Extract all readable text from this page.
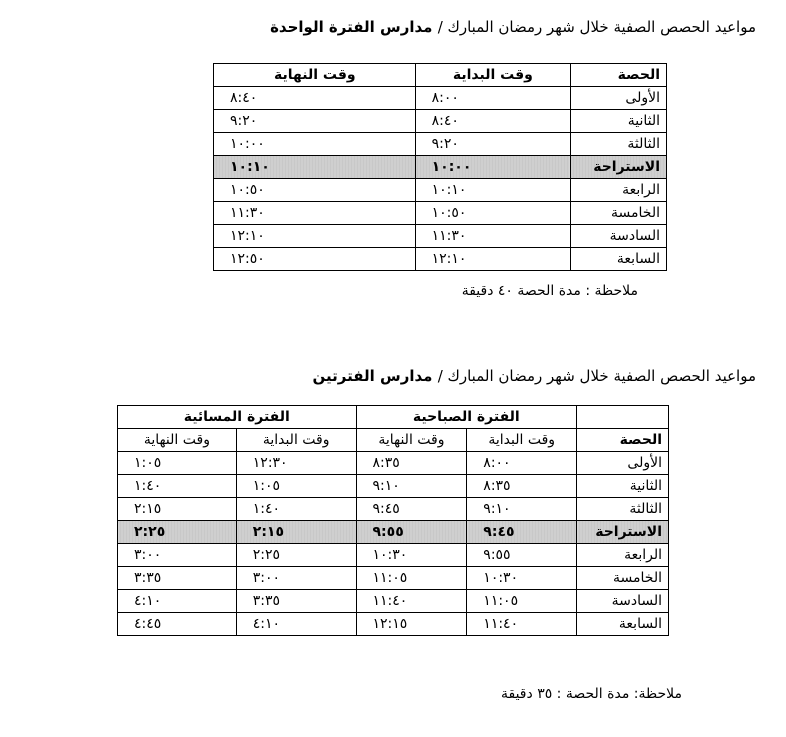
مواعيد الحصص الصفية خلال شهر رمضان المبارك / مدارس الفترة الواحدة
الحصة	وقت البداية	وقت النهاية
الأولى	٨:٠٠	٨:٤٠
الثانية	٨:٤٠	٩:٢٠
الثالثة	٩:٢٠	١٠:٠٠
الاستراحة	١٠:٠٠	١٠:١٠
الرابعة	١٠:١٠	١٠:٥٠
الخامسة	١٠:٥٠	١١:٣٠
السادسة	١١:٣٠	١٢:١٠
السابعة	١٢:١٠	١٢:٥٠
ملاحظة : مدة الحصة ٤٠ دقيقة
مواعيد الحصص الصفية خلال شهر رمضان المبارك / مدارس الفترتين
	الفترة الصباحية		الفترة المسائية	
الحصة	وقت البداية	وقت النهاية	وقت البداية	وقت النهاية
الأولى	٨:٠٠	٨:٣٥	١٢:٣٠	١:٠٥
الثانية	٨:٣٥	٩:١٠	١:٠٥	١:٤٠
الثالثة	٩:١٠	٩:٤٥	١:٤٠	٢:١٥
الاستراحة	٩:٤٥	٩:٥٥	٢:١٥	٢:٢٥
الرابعة	٩:٥٥	١٠:٣٠	٢:٢٥	٣:٠٠
الخامسة	١٠:٣٠	١١:٠٥	٣:٠٠	٣:٣٥
السادسة	١١:٠٥	١١:٤٠	٣:٣٥	٤:١٠
السابعة	١١:٤٠	١٢:١٥	٤:١٠	٤:٤٥
ملاحظة: مدة الحصة : ٣٥ دقيقة
